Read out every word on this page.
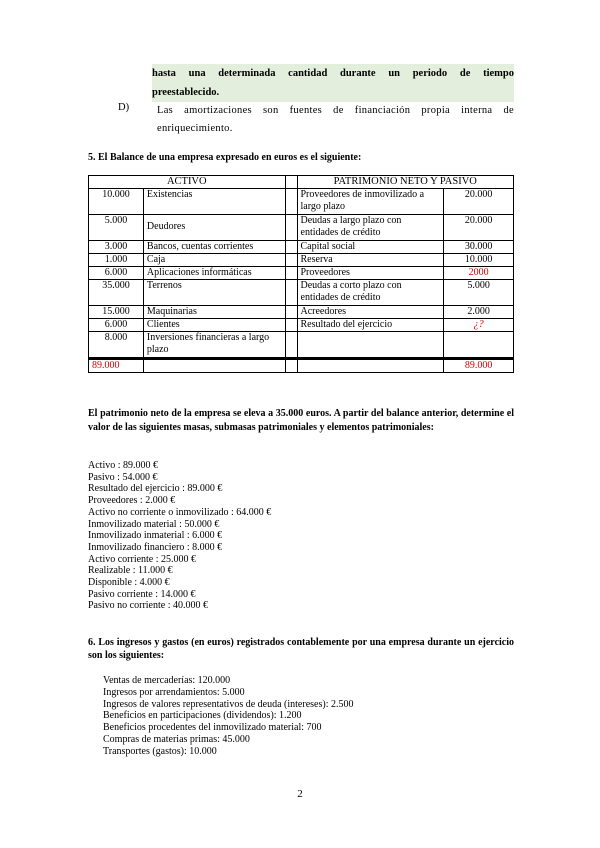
hasta una determinada cantidad durante un periodo de tiempo

preestablecido.

D)	Las amortizaciones son fuentes de financiación propia interna de enriquecimiento.
5. El Balance de una empresa expresado en euros es el siguiente:
ACTIVO			PATRIMONIO NETO Y PASIVO	
10.000	Existencias		Proveedores de inmovilizado a largo plazo	20.000
5.000	Deudores		Deudas a largo plazo con entidades de crédito	20.000
3.000	Bancos, cuentas corrientes		Capital social	30.000
1.000	Caja		Reserva	10.000
6.000	Aplicaciones informáticas		Proveedores	2000
35.000	Terrenos		Deudas a corto plazo con entidades de crédito	5.000
15.000	Maquinarias		Acreedores	2.000
6.000	Clientes		Resultado del ejercicio	¿?
8.000	Inversiones financieras a largo plazo			
89.000				89.000
El patrimonio neto de la empresa se eleva a 35.000 euros. A partir del balance anterior, determine el valor de las siguientes masas, submasas patrimoniales y elementos patrimoniales:
Activo : 89.000 €
Pasivo : 54.000 €
Resultado del ejercicio : 89.000 €
Proveedores : 2.000 €
Activo no corriente o inmovilizado : 64.000 €
Inmovilizado material : 50.000 €
Inmovilizado inmaterial : 6.000 €
Inmovilizado financiero : 8.000 €
Activo corriente : 25.000 €
Realizable : 11.000 €
Disponible : 4.000 €
Pasivo corriente : 14.000 €
Pasivo no corriente : 40.000 €
6. Los ingresos y gastos (en euros) registrados contablemente por una empresa durante un ejercicio son los siguientes:
Ventas de mercaderías: 120.000
Ingresos por arrendamientos: 5.000
Ingresos de valores representativos de deuda (intereses): 2.500
Beneficios en participaciones (dividendos): 1.200
Beneficios procedentes del inmovilizado material: 700
Compras de materias primas: 45.000
Transportes (gastos): 10.000
2
